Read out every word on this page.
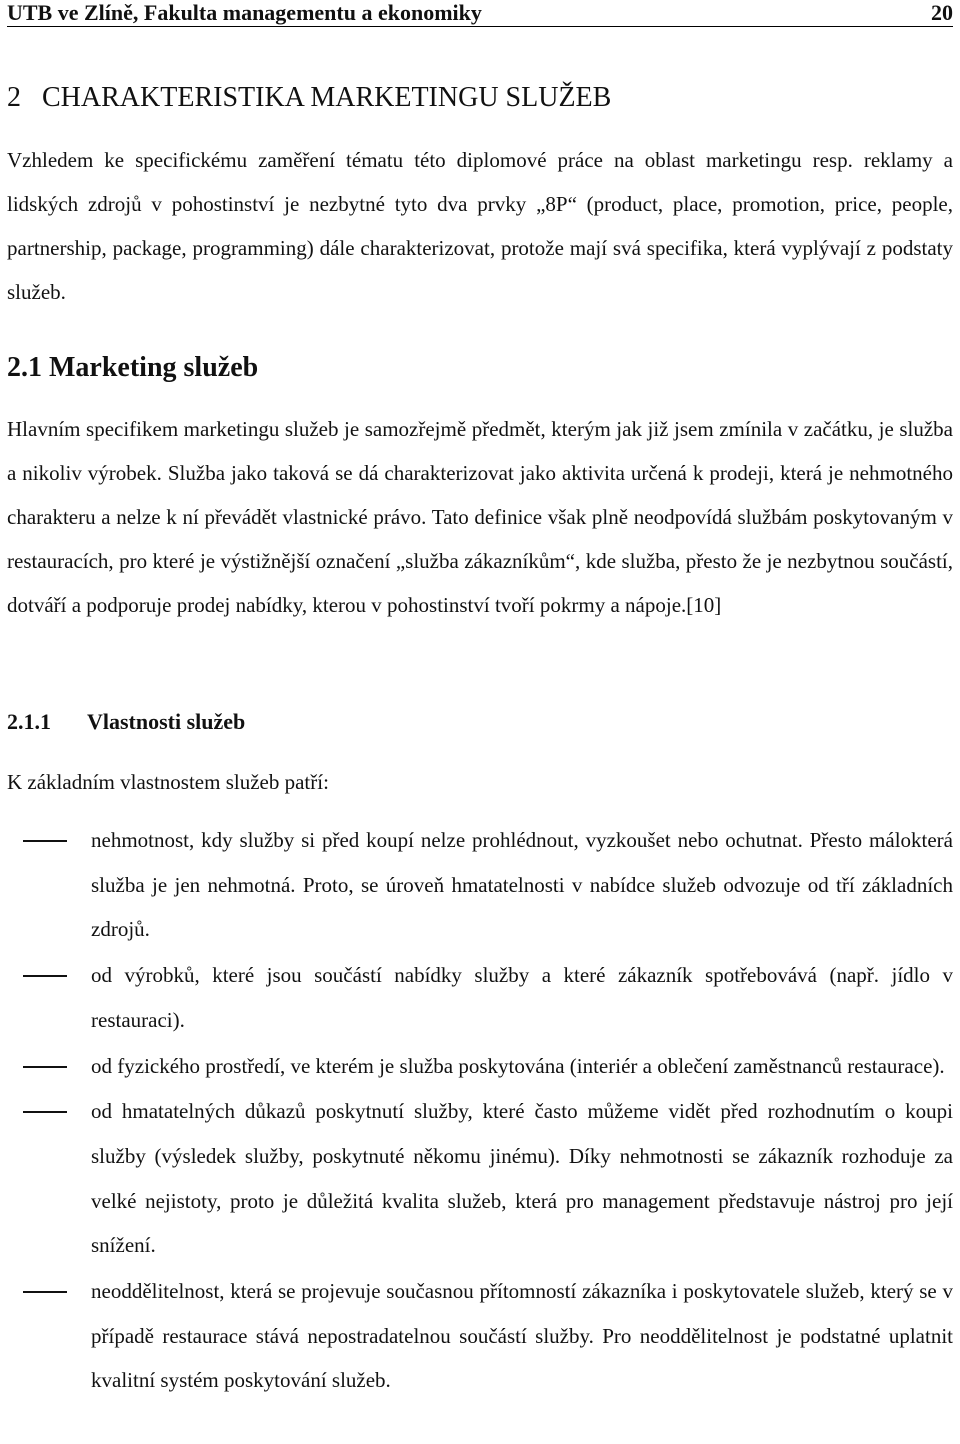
UTB ve Zlíně, Fakulta managementu a ekonomiky	20
2   CHARAKTERISTIKA MARKETINGU SLUŽEB

Vzhledem ke specifickému zaměření tématu této diplomové práce na oblast marketingu resp. reklamy a lidských zdrojů v pohostinství je nezbytné tyto dva prvky „8P“ (product, place, promotion, price, people, partnership, package, programming) dále charakterizovat, protože mají svá specifika, která vyplývají z podstaty služeb.

2.1 Marketing služeb

Hlavním specifikem marketingu služeb je samozřejmě předmět, kterým jak již jsem zmínila v začátku, je služba a nikoliv výrobek. Služba jako taková se dá charakterizovat jako aktivita určená k prodeji, která je nehmotného charakteru a nelze k ní převádět vlastnické právo. Tato definice však plně neodpovídá službám poskytovaným v restauracích, pro které je výstižnější označení „služba zákazníkům“, kde služba, přesto že je nezbytnou součástí, dotváří a podporuje prodej nabídky, kterou v pohostinství tvoří pokrmy a nápoje.[10]

2.1.1 Vlastnosti služeb

K základním vlastnostem služeb patří:

nehmotnost, kdy služby si před koupí nelze prohlédnout, vyzkoušet nebo ochutnat. Přesto málokterá služba je jen nehmotná. Proto, se úroveň hmatatelnosti v nabídce služeb odvozuje od tří základních zdrojů.
od výrobků, které jsou součástí nabídky služby a které zákazník spotřebovává (např. jídlo v restauraci).
od fyzického prostředí, ve kterém je služba poskytována (interiér a oblečení zaměstnanců restaurace).
od hmatatelných důkazů poskytnutí služby, které často můžeme vidět před rozhodnutím o koupi služby (výsledek služby, poskytnuté někomu jinému). Díky nehmotnosti se zákazník rozhoduje za velké nejistoty, proto je důležitá kvalita služeb, která pro management představuje nástroj pro její snížení.
neoddělitelnost, která se projevuje současnou přítomností zákazníka i poskytovatele služeb, který se v případě restaurace stává nepostradatelnou součástí služby. Pro neoddělitelnost je podstatné uplatnit kvalitní systém poskytování služeb.
